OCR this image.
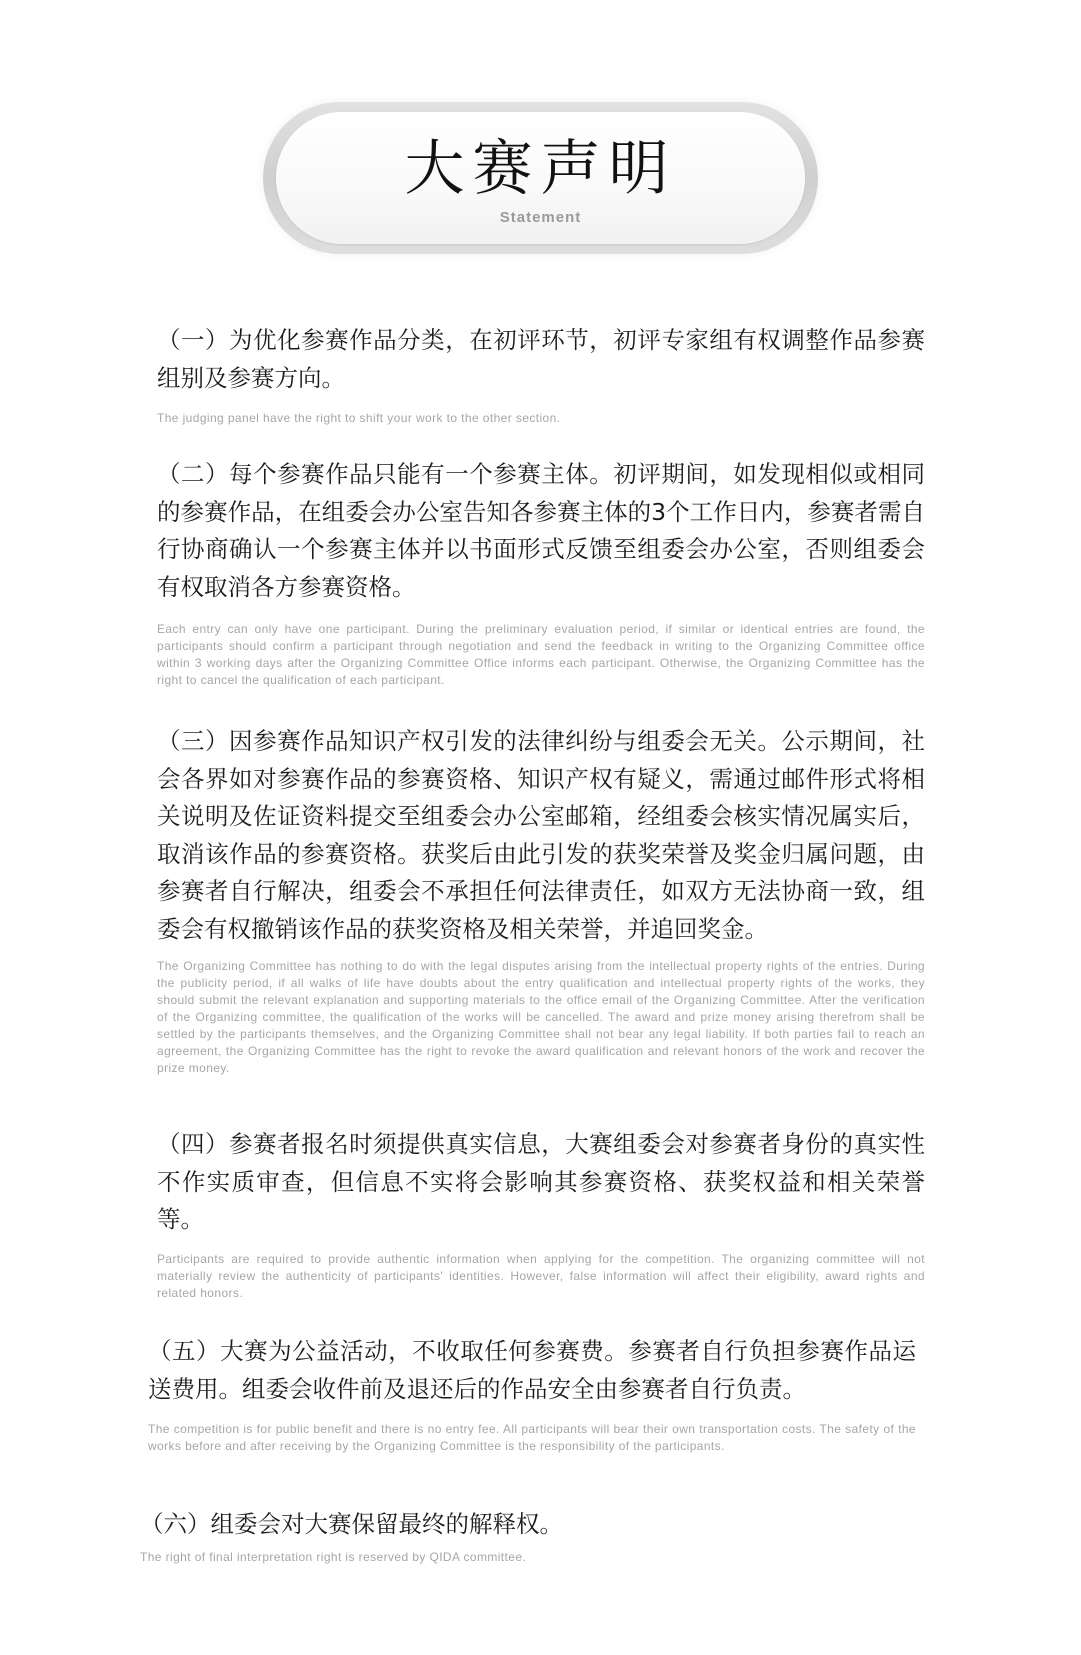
大赛声明
Statement

（一）为优化参赛作品分类，在初评环节，初评专家组有权调整作品参赛组别及参赛方向。

The judging panel have the right to shift your work to the other section.

（二）每个参赛作品只能有一个参赛主体。初评期间，如发现相似或相同的参赛作品，在组委会办公室告知各参赛主体的3个工作日内，参赛者需自行协商确认一个参赛主体并以书面形式反馈至组委会办公室，否则组委会有权取消各方参赛资格。

Each entry can only have one participant. During the preliminary evaluation period, if similar or identical entries are found, the participants should confirm a participant through negotiation and send the feedback in writing to the Organizing Committee office within 3 working days after the Organizing Committee Office informs each participant. Otherwise, the Organizing Committee has the right to cancel the qualification of each participant.

（三）因参赛作品知识产权引发的法律纠纷与组委会无关。公示期间，社会各界如对参赛作品的参赛资格、知识产权有疑义，需通过邮件形式将相关说明及佐证资料提交至组委会办公室邮箱，经组委会核实情况属实后，取消该作品的参赛资格。获奖后由此引发的获奖荣誉及奖金归属问题，由参赛者自行解决，组委会不承担任何法律责任，如双方无法协商一致，组委会有权撤销该作品的获奖资格及相关荣誉，并追回奖金。

The Organizing Committee has nothing to do with the legal disputes arising from the intellectual property rights of the entries. During the publicity period, if all walks of life have doubts about the entry qualification and intellectual property rights of the works, they should submit the relevant explanation and supporting materials to the office email of the Organizing Committee. After the verification of the Organizing committee, the qualification of the works will be cancelled. The award and prize money arising therefrom shall be settled by the participants themselves, and the Organizing Committee shall not bear any legal liability. If both parties fail to reach an agreement, the Organizing Committee has the right to revoke the award qualification and relevant honors of the work and recover the prize money.

（四）参赛者报名时须提供真实信息，大赛组委会对参赛者身份的真实性不作实质审查，但信息不实将会影响其参赛资格、获奖权益和相关荣誉等。

Participants are required to provide authentic information when applying for the competition. The organizing committee will not materially review the authenticity of participants' identities. However, false information will affect their eligibility, award rights and related honors.

（五）大赛为公益活动，不收取任何参赛费。参赛者自行负担参赛作品运送费用。组委会收件前及退还后的作品安全由参赛者自行负责。

The competition is for public benefit and there is no entry fee. All participants will bear their own transportation costs. The safety of the works before and after receiving by the Organizing Committee is the responsibility of the participants.

（六）组委会对大赛保留最终的解释权。

The right of final interpretation right is reserved by QIDA committee.
